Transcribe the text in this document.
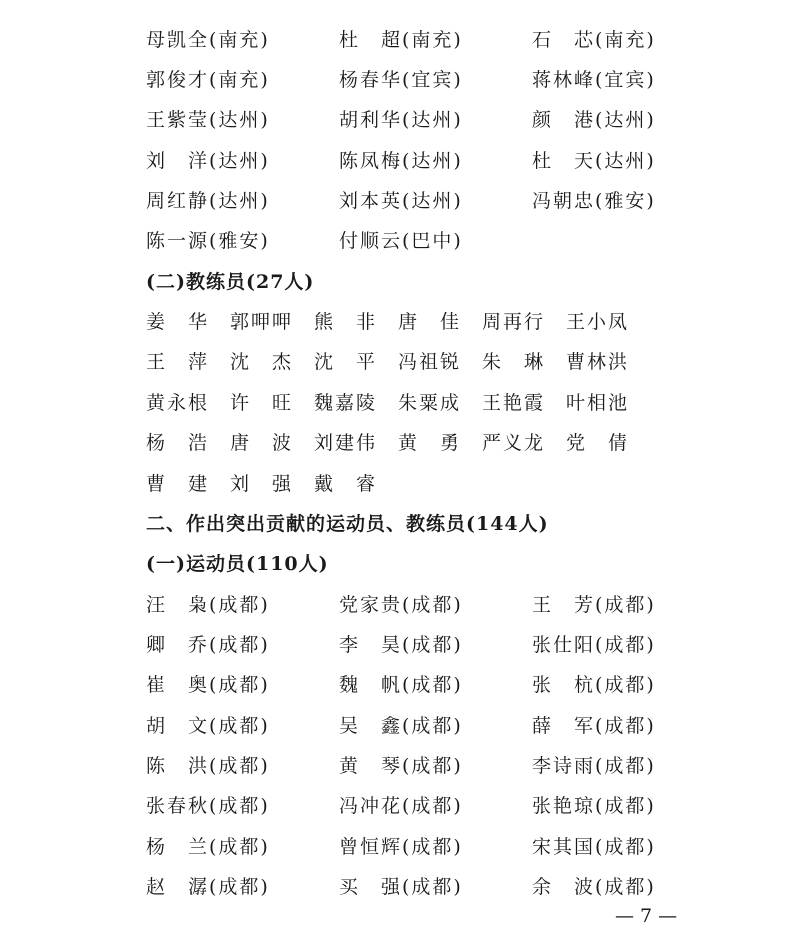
母凯全(南充)	杜　超(南充)	石　芯(南充)
郭俊才(南充)	杨春华(宜宾)	蒋林峰(宜宾)
王紫莹(达州)	胡利华(达州)	颜　港(达州)
刘　洋(达州)	陈凤梅(达州)	杜　天(达州)
周红静(达州)	刘本英(达州)	冯朝忠(雅安)
陈一源(雅安)	付顺云(巴中)
(二)教练员(27人)
姜　华 郭呷呷 熊　非 唐　佳 周再行 王小凤
王　萍 沈　杰 沈　平 冯祖锐 朱　琳 曹林洪
黄永根 许　旺 魏嘉陵 朱粟成 王艳霞 叶相池
杨　浩 唐　波 刘建伟 黄　勇 严义龙 党　倩
曹　建 刘　强 戴　睿
二、作出突出贡献的运动员、教练员(144人)
(一)运动员(110人)
汪　枭(成都)	党家贵(成都)	王　芳(成都)
卿　乔(成都)	李　昊(成都)	张仕阳(成都)
崔　奥(成都)	魏　帆(成都)	张　杭(成都)
胡　文(成都)	吴　鑫(成都)	薛　军(成都)
陈　洪(成都)	黄　琴(成都)	李诗雨(成都)
张春秋(成都)	冯冲花(成都)	张艳琼(成都)
杨　兰(成都)	曾恒辉(成都)	宋其国(成都)
赵　潺(成都)	买　强(成都)	余　波(成都)
— 7 —
